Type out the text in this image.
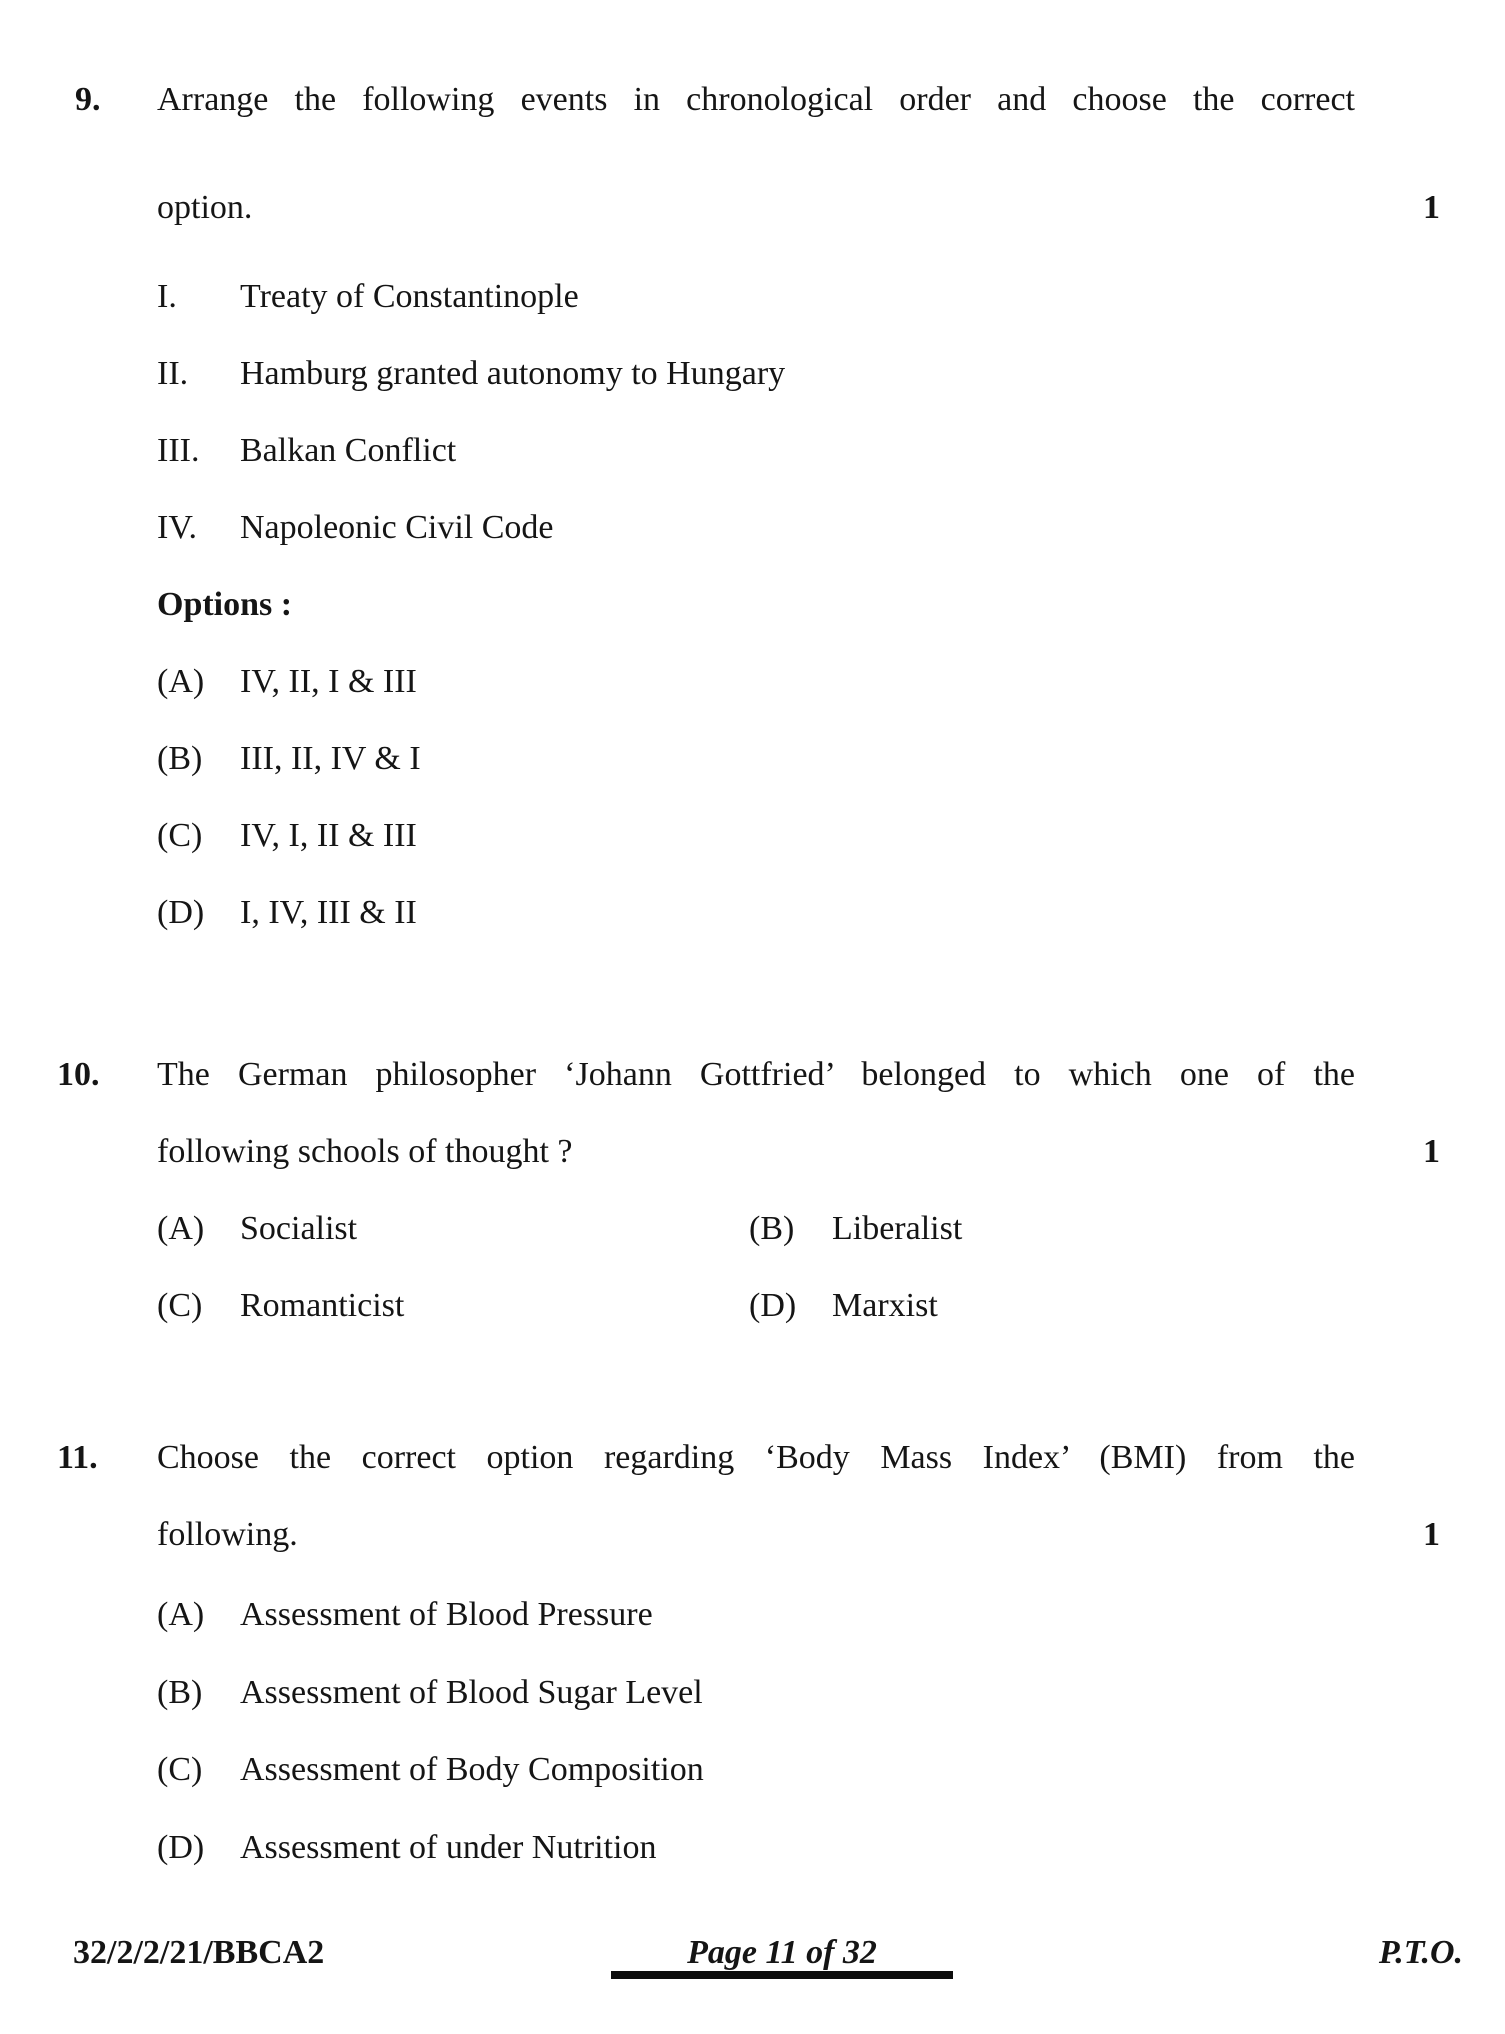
9.	Arrange the following events in chronological order and choose the correct
option.	1
I.	Treaty of Constantinople
II.	Hamburg granted autonomy to Hungary
III.	Balkan Conflict
IV.	Napoleonic Civil Code
Options :
(A)	IV, II, I & III
(B)	III, II, IV & I
(C)	IV, I, II & III
(D)	I, IV, III & II
10.	The German philosopher ‘Johann Gottfried’ belonged to which one of the
following schools of thought ?	1
(A)	Socialist	(B)	Liberalist
(C)	Romanticist	(D)	Marxist
11.	Choose the correct option regarding ‘Body Mass Index’ (BMI) from the
following.	1
(A)	Assessment of Blood Pressure
(B)	Assessment of Blood Sugar Level
(C)	Assessment of Body Composition
(D)	Assessment of under Nutrition
32/2/2/21/BBCA2	Page 11 of 32	P.T.O.
